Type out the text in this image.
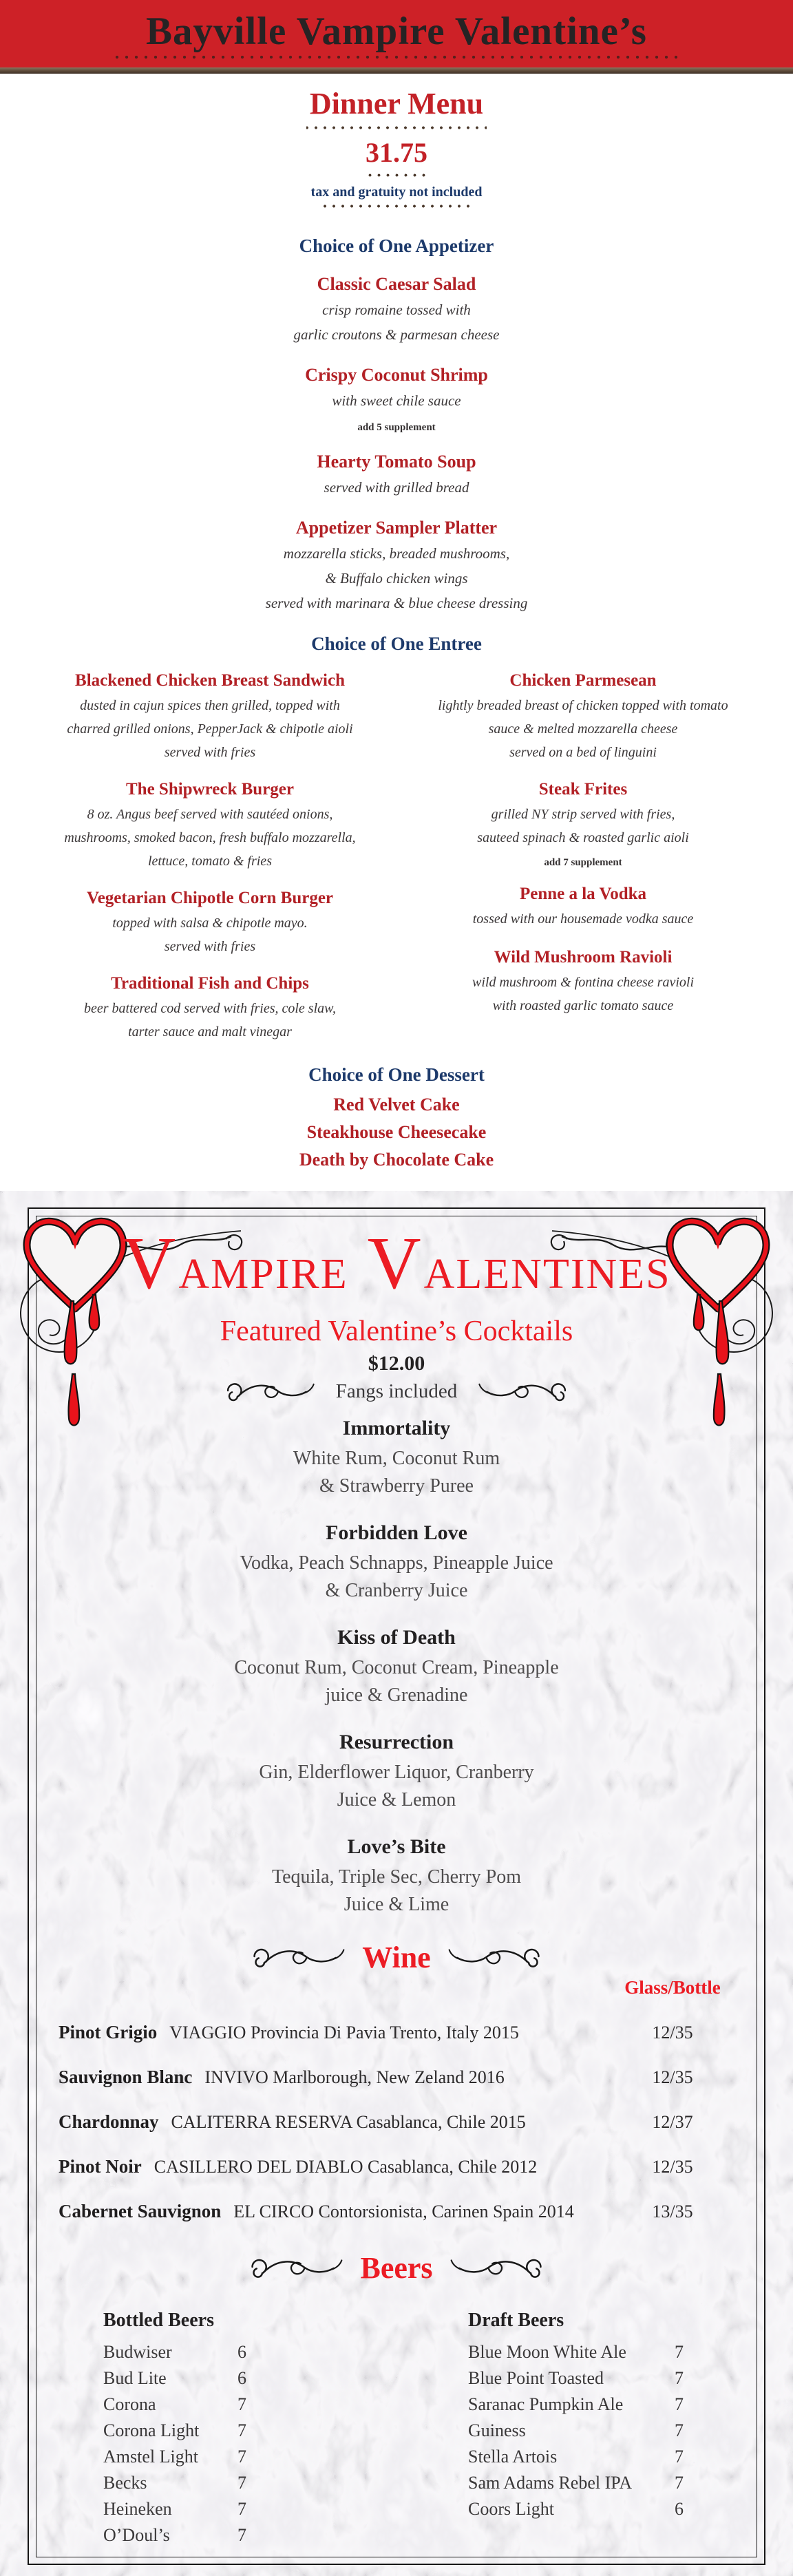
Bayville Vampire Valentine’s
Dinner Menu
31.75
tax and gratuity not included
Choice of One Appetizer
Classic Caesar Salad
crisp romaine tossed with
garlic croutons & parmesan cheese
Crispy Coconut Shrimp
with sweet chile sauce
add 5 supplement
Hearty Tomato Soup
served with grilled bread
Appetizer Sampler Platter
mozzarella sticks, breaded mushrooms,
& Buffalo chicken wings
served with marinara & blue cheese dressing
Choice of One Entree
Blackened Chicken Breast Sandwich
dusted in cajun spices then grilled, topped with
charred grilled onions, PepperJack & chipotle aioli
served with fries
The Shipwreck Burger
8 oz. Angus beef served with sautéed onions,
mushrooms, smoked bacon, fresh buffalo mozzarella,
lettuce, tomato & fries
Vegetarian Chipotle Corn Burger
topped with salsa & chipotle mayo.
served with fries
Traditional Fish and Chips
beer battered cod served with fries, cole slaw,
tarter sauce and malt vinegar
Chicken Parmesean
lightly breaded breast of chicken topped with tomato
sauce & melted mozzarella cheese
served on a bed of linguini
Steak Frites
grilled NY strip served with fries,
sauteed spinach & roasted garlic aioli
add 7 supplement
Penne a la Vodka
tossed with our housemade vodka sauce
Wild Mushroom Ravioli
wild mushroom & fontina cheese ravioli
with roasted garlic tomato sauce
Choice of One Dessert
Red Velvet Cake
Steakhouse Cheesecake
Death by Chocolate Cake
VAMPIRE VALENTINES
Featured Valentine’s Cocktails
$12.00
Fangs included
Immortality
White Rum, Coconut Rum
& Strawberry Puree
Forbidden Love
Vodka, Peach Schnapps, Pineapple Juice
& Cranberry Juice
Kiss of Death
Coconut Rum, Coconut Cream, Pineapple
juice & Grenadine
Resurrection
Gin, Elderflower Liquor, Cranberry
Juice & Lemon
Love’s Bite
Tequila, Triple Sec, Cherry Pom
Juice & Lime
Wine
Glass/Bottle
Pinot Grigio VIAGGIO Provincia Di Pavia Trento, Italy 2015	12/35
Sauvignon Blanc INVIVO Marlborough, New Zeland 2016	12/35
Chardonnay CALITERRA RESERVA Casablanca, Chile 2015	12/37
Pinot Noir CASILLERO DEL DIABLO Casablanca, Chile 2012	12/35
Cabernet Sauvignon EL CIRCO Contorsionista, Carinen Spain 2014	13/35
Beers
Bottled Beers
Budwiser	6
Bud Lite	6
Corona	7
Corona Light	7
Amstel Light	7
Becks	7
Heineken	7
O’Doul’s	7
Draft Beers
Blue Moon White Ale	7
Blue Point Toasted	7
Saranac Pumpkin Ale	7
Guiness	7
Stella Artois	7
Sam Adams Rebel IPA	7
Coors Light	6
